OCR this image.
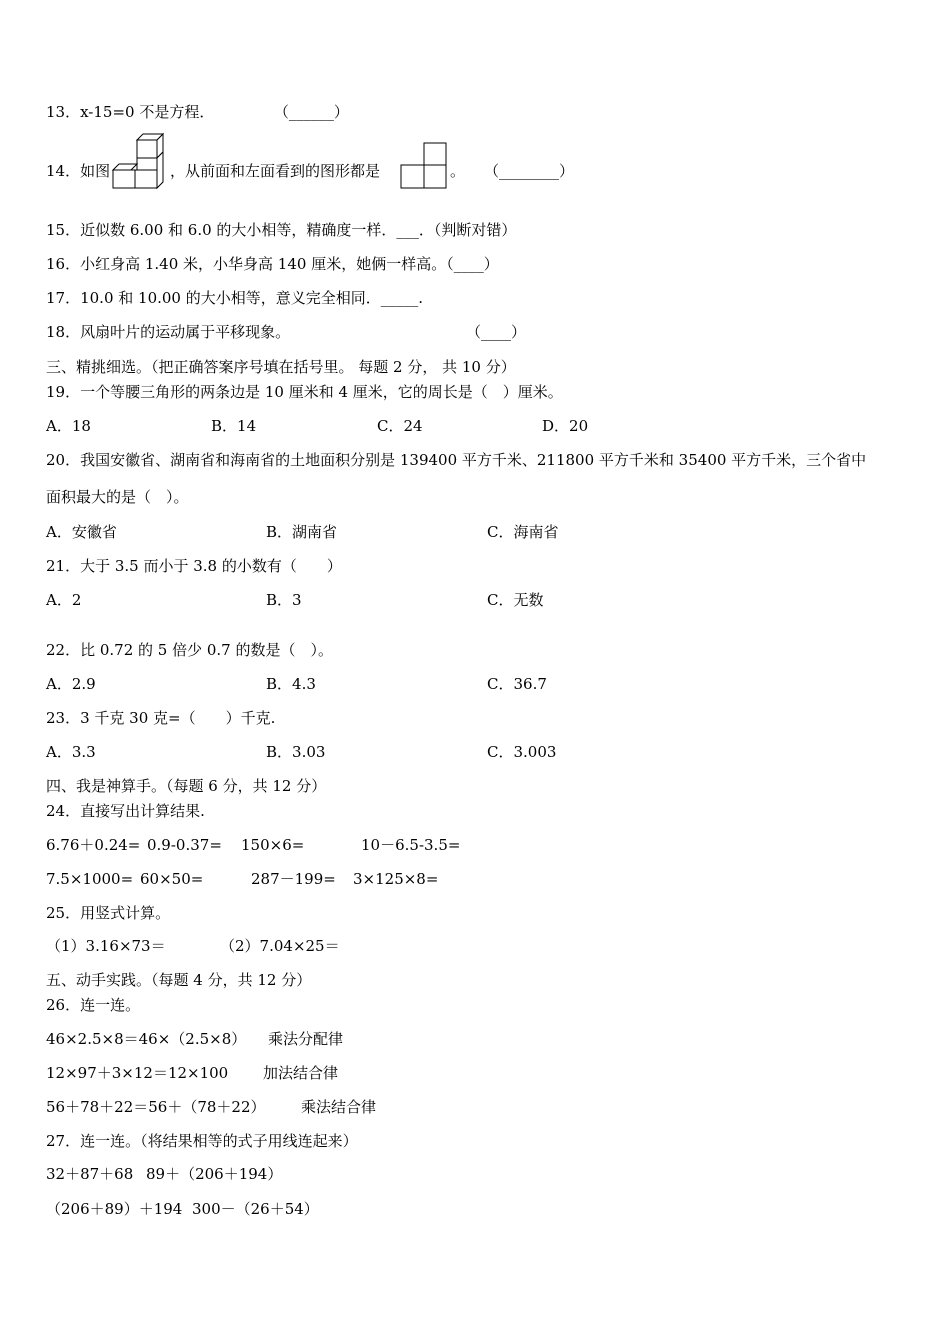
13．x-15=0 不是方程．	（______）
14．如图	，从前面和左面看到的图形都是	。 （________）
15．近似数 6.00 和 6.0 的大小相等，精确度一样．___．（判断对错）
16．小红身高 1.40 米，小华身高 140 厘米，她俩一样高。（____）
17．10.0 和 10.00 的大小相等，意义完全相同．_____.
18．风扇叶片的运动属于平移现象。	（____）
三、精挑细选。（把正确答案序号填在括号里。 每题 2 分， 共 10 分）
19．一个等腰三角形的两条边是 10 厘米和 4 厘米，它的周长是（　）厘米。
A．18	B．14	C．24	D．20
20．我国安徽省、湖南省和海南省的土地面积分别是 139400 平方千米、211800 平方千米和 35400 平方千米，三个省中
面积最大的是（　）。
A．安徽省	B．湖南省	C．海南省
21．大于 3.5 而小于 3.8 的小数有（　　）
A．2	B．3	C．无数
22．比 0.72 的 5 倍少 0.7 的数是（　）。
A．2.9	B．4.3	C．36.7
23．3 千克 30 克=（　　）千克.
A．3.3	B．3.03	C．3.003
四、我是神算手。（每题 6 分，共 12 分）
24．直接写出计算结果.
6.76＋0.24= 0.9-0.37= 150×6=	10－6.5-3.5=
7.5×1000= 60×50=	287－199= 3×125×8=
25．用竖式计算。
（1）3.16×73＝	（2）7.04×25＝
五、动手实践。（每题 4 分，共 12 分）
26．连一连。
46×2.5×8＝46×（2.5×8） 乘法分配律
12×97＋3×12＝12×100 加法结合律
56＋78＋22＝56＋（78＋22） 乘法结合律
27．连一连。（将结果相等的式子用线连起来）
32＋87＋68 89＋（206＋194）
（206＋89）＋194 300－（26＋54）
